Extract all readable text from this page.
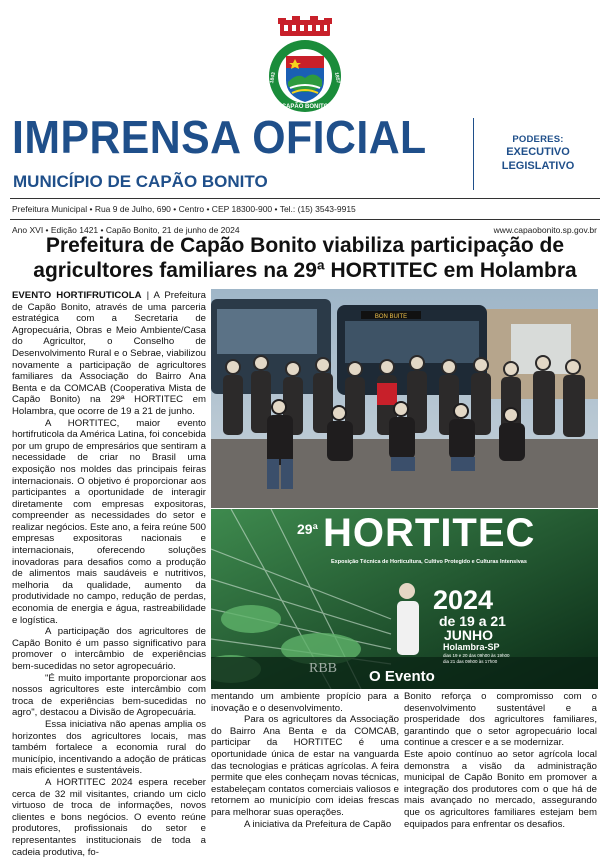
CAPÃO BONITO
1843	1857
IMPRENSA OFICIAL
MUNICÍPIO DE CAPÃO BONITO
PODERES:
EXECUTIVO
LEGISLATIVO
Prefeitura Municipal • Rua 9 de Julho, 690 • Centro • CEP 18300-900 • Tel.: (15) 3543-9915
Ano XVI • Edição 1421 • Capão Bonito, 21 de junho de 2024	www.capaobonito.sp.gov.br
Prefeitura de Capão Bonito viabiliza participação de agricultores familiares na 29ª HORTITEC em Holambra

EVENTO HORTIFRUTICOLA | A Prefeitura de Capão Bonito, através de uma parceria estratégica com a Secretaria de Agropecuária, Obras e Meio Ambiente/Casa do Agricultor, o Conselho de Desenvolvimento Rural e o Sebrae, viabilizou novamente a participação de agricultores familiares da Associação do Bairro Ana Benta e da COMCAB (Cooperativa Mista de Capão Bonito) na 29ª HORTITEC em Holambra, que ocorre de 19 a 21 de junho.

A HORTITEC, maior evento hortifruticola da América Latina, foi concebida por um grupo de empresários que sentiram a necessidade de criar no Brasil uma exposição nos moldes das principais feiras internacionais. O objetivo é proporcionar aos participantes a oportunidade de interagir diretamente com empresas expositoras, compreender as necessidades do setor e realizar negócios. Este ano, a feira reúne 500 empresas expositoras nacionais e internacionais, oferecendo soluções inovadoras para desafios como a produção de alimentos mais saudáveis e nutritivos, melhoria da qualidade, aumento da produtividade no campo, redução de perdas, economia de energia e água, rastreabilidade e logística.

A participação dos agricultores de Capão Bonito é um passo significativo para promover o intercâmbio de experiências bem-sucedidas no setor agropecuário.

"É muito importante proporcionar aos nossos agricultores este intercâmbio com troca de experiências bem-sucedidas no agro", destacou a Divisão de Agropecuária.

Essa iniciativa não apenas amplia os horizontes dos agricultores locais, mas também fortalece a economia rural do município, incentivando a adoção de práticas mais eficientes e sustentáveis.

A HORTITEC 2024 espera receber cerca de 32 mil visitantes, criando um ciclo virtuoso de troca de informações, novos clientes e bons negócios. O evento reúne produtores, profissionais do setor e representantes institucionais de toda a cadeia produtiva, fo-

BON BUITE
29ª HORTITEC
Exposição Técnica de Horticultura, Cultivo Protegido e Culturas Intensivas
2024
de 19 a 21
JUNHO
Holambra-SP
dias 19 e 20 das 09h00 às 19h00
dia 21 das 09h00 às 17h00
RBB O Evento

mentando um ambiente propício para a inovação e o desenvolvimento.

Para os agricultores da Associação do Bairro Ana Benta e da COMCAB, participar da HORTITEC é uma oportunidade única de estar na vanguarda das tecnologias e práticas agrícolas. A feira permite que eles conheçam novas técnicas, estabeleçam contatos comerciais valiosos e retornem ao município com ideias frescas para melhorar suas operações.

A iniciativa da Prefeitura de Capão

Bonito reforça o compromisso com o desenvolvimento sustentável e a prosperidade dos agricultores familiares, garantindo que o setor agropecuário local continue a crescer e a se modernizar.

Este apoio contínuo ao setor agrícola local demonstra a visão da administração municipal de Capão Bonito em promover a integração dos produtores com o que há de mais avançado no mercado, assegurando que os agricultores familiares estejam bem equipados para enfrentar os desafios.
